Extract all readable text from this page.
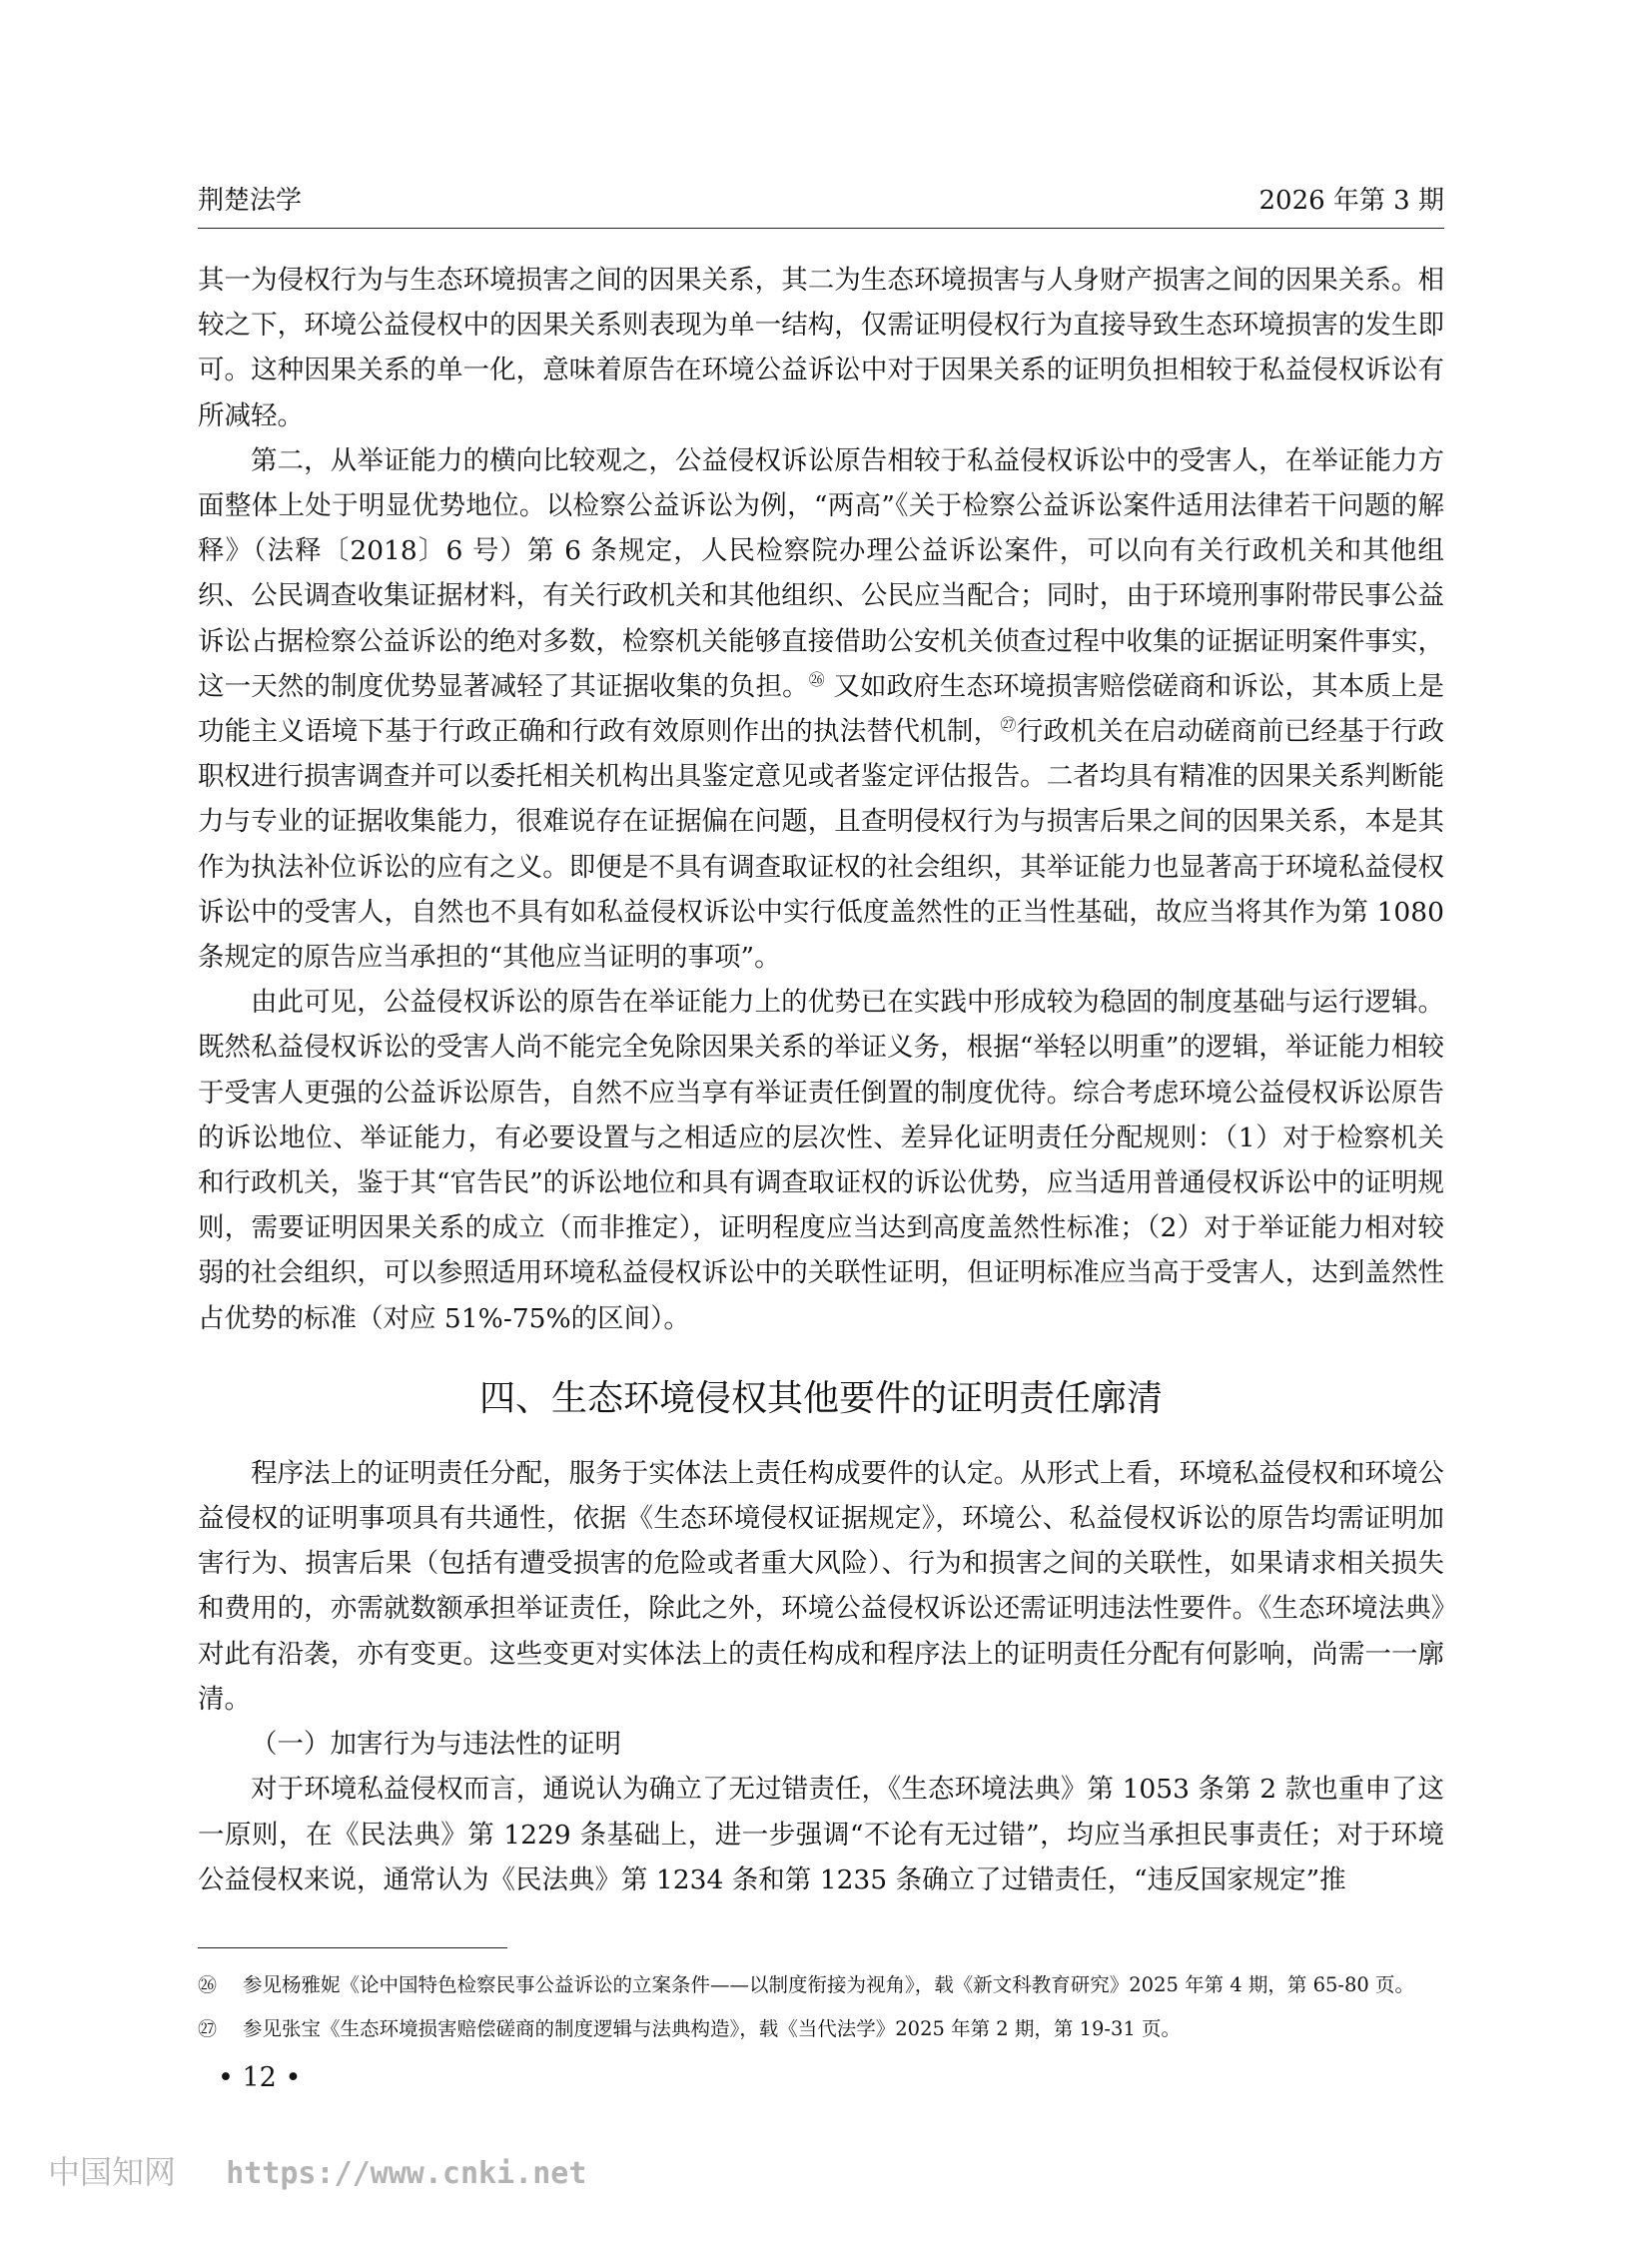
荆楚法学	2026 年第 3 期

其一为侵权行为与生态环境损害之间的因果关系，其二为生态环境损害与人身财产损害之间的因果关系。相较之下，环境公益侵权中的因果关系则表现为单一结构，仅需证明侵权行为直接导致生态环境损害的发生即可。这种因果关系的单一化，意味着原告在环境公益诉讼中对于因果关系的证明负担相较于私益侵权诉讼有所减轻。

第二，从举证能力的横向比较观之，公益侵权诉讼原告相较于私益侵权诉讼中的受害人，在举证能力方面整体上处于明显优势地位。以检察公益诉讼为例，“两高”《关于检察公益诉讼案件适用法律若干问题的解释》（法释〔2018〕6 号）第 6 条规定，人民检察院办理公益诉讼案件，可以向有关行政机关和其他组织、公民调查收集证据材料，有关行政机关和其他组织、公民应当配合；同时，由于环境刑事附带民事公益诉讼占据检察公益诉讼的绝对多数，检察机关能够直接借助公安机关侦查过程中收集的证据证明案件事实，这一天然的制度优势显著减轻了其证据收集的负担。$^㉖$ 又如政府生态环境损害赔偿磋商和诉讼，其本质上是功能主义语境下基于行政正确和行政有效原则作出的执法替代机制，$^㉗$行政机关在启动磋商前已经基于行政职权进行损害调查并可以委托相关机构出具鉴定意见或者鉴定评估报告。二者均具有精准的因果关系判断能力与专业的证据收集能力，很难说存在证据偏在问题，且查明侵权行为与损害后果之间的因果关系，本是其作为执法补位诉讼的应有之义。即便是不具有调查取证权的社会组织，其举证能力也显著高于环境私益侵权诉讼中的受害人，自然也不具有如私益侵权诉讼中实行低度盖然性的正当性基础，故应当将其作为第 1080 条规定的原告应当承担的“其他应当证明的事项”。

由此可见，公益侵权诉讼的原告在举证能力上的优势已在实践中形成较为稳固的制度基础与运行逻辑。既然私益侵权诉讼的受害人尚不能完全免除因果关系的举证义务，根据“举轻以明重”的逻辑，举证能力相较于受害人更强的公益诉讼原告，自然不应当享有举证责任倒置的制度优待。综合考虑环境公益侵权诉讼原告的诉讼地位、举证能力，有必要设置与之相适应的层次性、差异化证明责任分配规则：（1）对于检察机关和行政机关，鉴于其“官告民”的诉讼地位和具有调查取证权的诉讼优势，应当适用普通侵权诉讼中的证明规则，需要证明因果关系的成立（而非推定），证明程度应当达到高度盖然性标准；（2）对于举证能力相对较弱的社会组织，可以参照适用环境私益侵权诉讼中的关联性证明，但证明标准应当高于受害人，达到盖然性占优势的标准（对应 51%-75%的区间）。

四、生态环境侵权其他要件的证明责任廓清

程序法上的证明责任分配，服务于实体法上责任构成要件的认定。从形式上看，环境私益侵权和环境公益侵权的证明事项具有共通性，依据《生态环境侵权证据规定》，环境公、私益侵权诉讼的原告均需证明加害行为、损害后果（包括有遭受损害的危险或者重大风险）、行为和损害之间的关联性，如果请求相关损失和费用的，亦需就数额承担举证责任，除此之外，环境公益侵权诉讼还需证明违法性要件。《生态环境法典》对此有沿袭，亦有变更。这些变更对实体法上的责任构成和程序法上的证明责任分配有何影响，尚需一一廓清。

（一）加害行为与违法性的证明

对于环境私益侵权而言，通说认为确立了无过错责任，《生态环境法典》第 1053 条第 2 款也重申了这一原则，在《民法典》第 1229 条基础上，进一步强调“不论有无过错”，均应当承担民事责任；对于环境公益侵权来说，通常认为《民法典》第 1234 条和第 1235 条确立了过错责任，“违反国家规定”推

㉖ 参见杨雅妮《论中国特色检察民事公益诉讼的立案条件——以制度衔接为视角》，载《新文科教育研究》2025 年第 4 期，第 65-80 页。
㉗ 参见张宝《生态环境损害赔偿磋商的制度逻辑与法典构造》，载《当代法学》2025 年第 2 期，第 19-31 页。
• 12 •
中国知网 https://www.cnki.net
